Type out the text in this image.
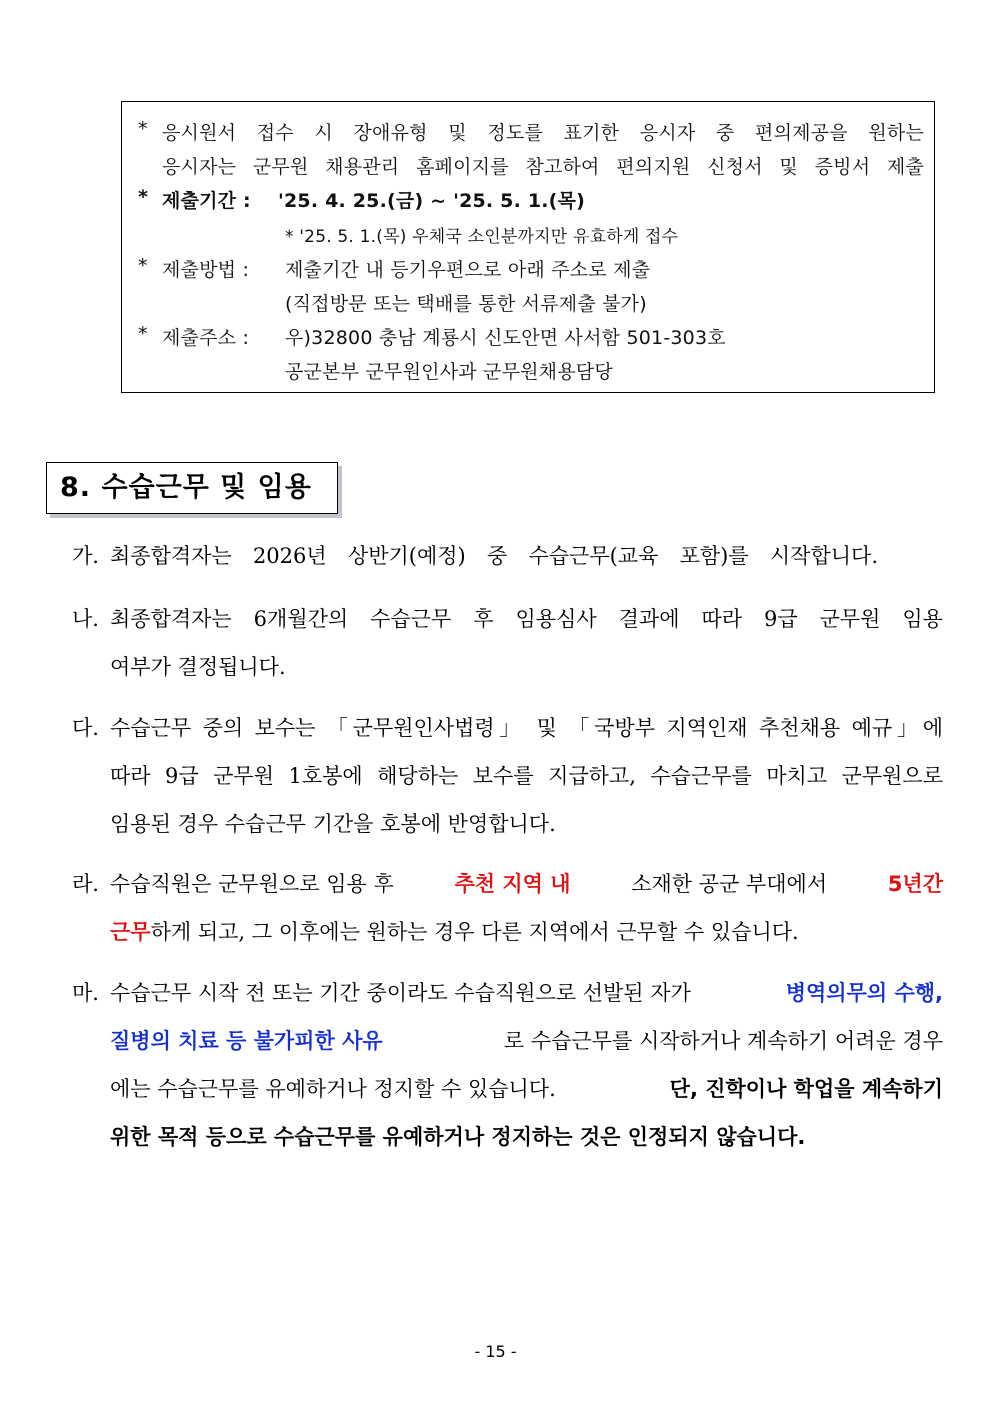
* 응시원서 접수 시 장애유형 및 정도를 표기한 응시자 중 편의제공을 원하는
응시자는 군무원 채용관리 홈페이지를 참고하여 편의지원 신청서 및 증빙서 제출
* 제출기간 : '25. 4. 25.(금) ~ '25. 5. 1.(목)
* '25. 5. 1.(목) 우체국 소인분까지만 유효하게 접수
* 제출방법 : 제출기간 내 등기우편으로 아래 주소로 제출
(직접방문 또는 택배를 통한 서류제출 불가)
* 제출주소 : 우)32800 충남 계룡시 신도안면 사서함 501-303호
공군본부 군무원인사과 군무원채용담당
8. 수습근무 및 임용
가. 최종합격자는 2026년 상반기(예정) 중 수습근무(교육 포함)를 시작합니다.
나. 최종합격자는 6개월간의 수습근무 후 임용심사 결과에 따라 9급 군무원 임용
여부가 결정됩니다.
다. 수습근무 중의 보수는 「군무원인사법령」 및 「국방부 지역인재 추천채용 예규」에
따라 9급 군무원 1호봉에 해당하는 보수를 지급하고, 수습근무를 마치고 군무원으로
임용된 경우 수습근무 기간을 호봉에 반영합니다.
라. 수습직원은 군무원으로 임용 후	추천 지역 내	소재한 공군 부대에서	5년간
근무하게 되고, 그 이후에는 원하는 경우 다른 지역에서 근무할 수 있습니다.
마. 수습근무 시작 전 또는 기간 중이라도 수습직원으로 선발된 자가	병역의무의 수행,
질병의 치료 등 불가피한 사유	로 수습근무를 시작하거나 계속하기 어려운 경우
에는 수습근무를 유예하거나 정지할 수 있습니다.	단, 진학이나 학업을 계속하기
위한 목적 등으로 수습근무를 유예하거나 정지하는 것은 인정되지 않습니다.
- 15 -
